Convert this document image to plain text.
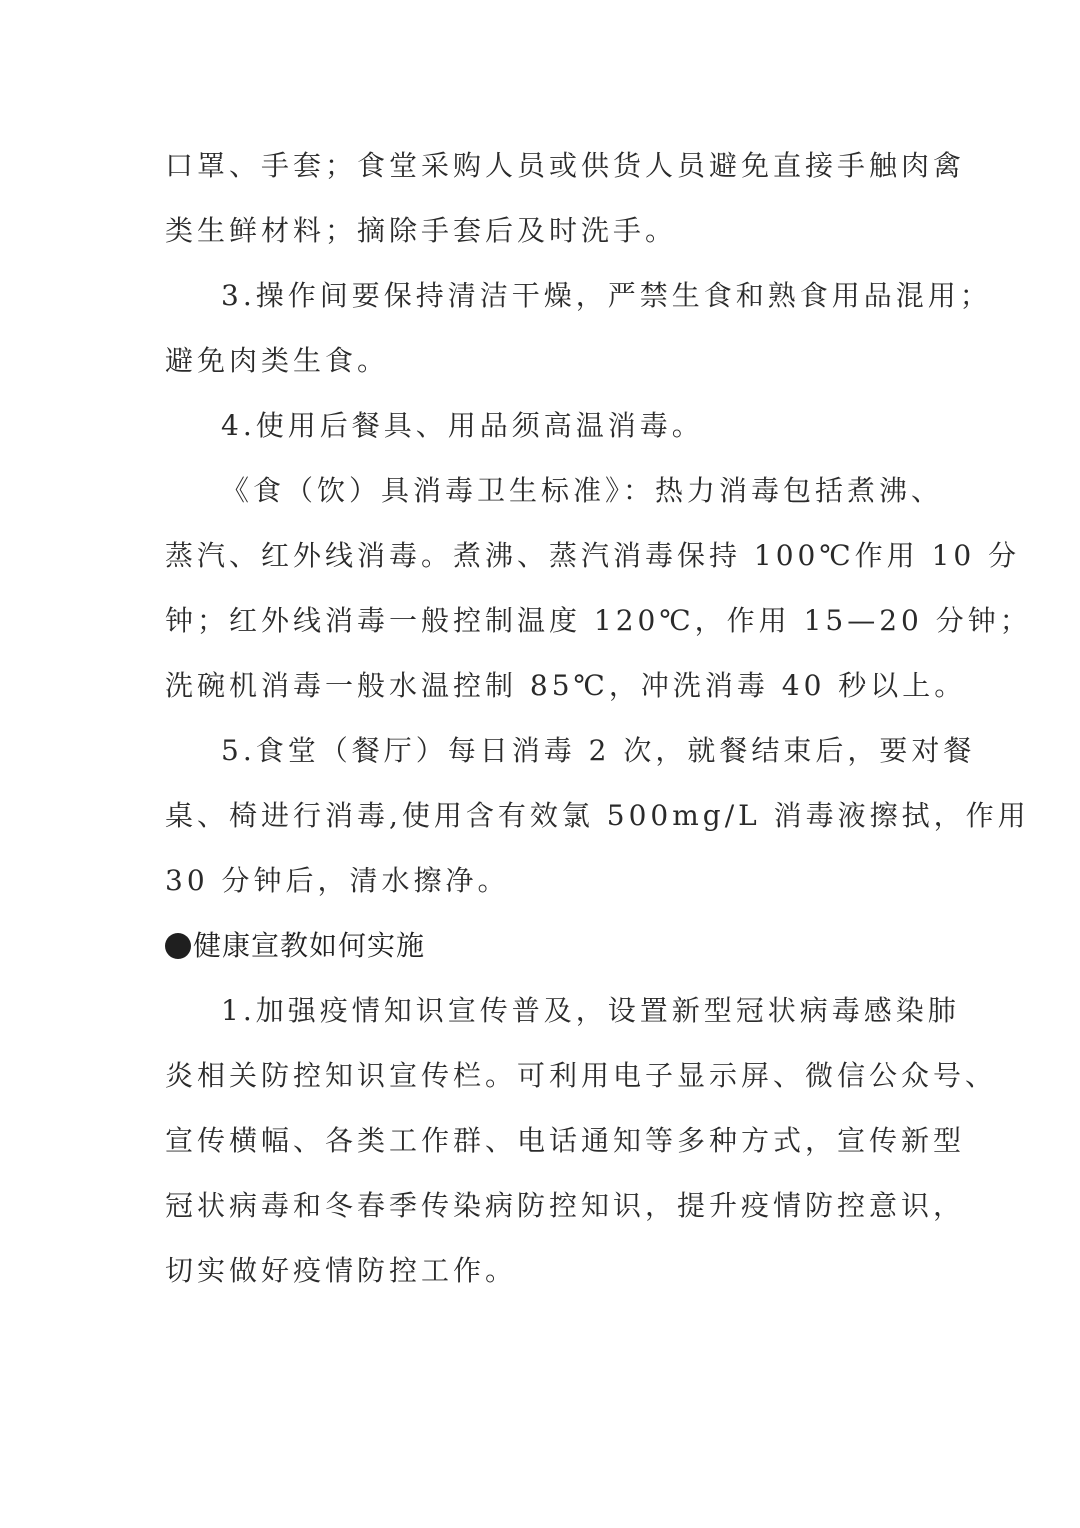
口罩、手套；食堂采购人员或供货人员避免直接手触肉禽
类生鲜材料；摘除手套后及时洗手。
3.操作间要保持清洁干燥，严禁生食和熟食用品混用；
避免肉类生食。
4.使用后餐具、用品须高温消毒。
《食（饮）具消毒卫生标准》：热力消毒包括煮沸、
蒸汽、红外线消毒。煮沸、蒸汽消毒保持 100℃作用 10 分
钟；红外线消毒一般控制温度 120℃，作用 15—20 分钟；
洗碗机消毒一般水温控制 85℃，冲洗消毒 40 秒以上。
5.食堂（餐厅）每日消毒 2 次，就餐结束后，要对餐
桌、椅进行消毒,使用含有效氯 500mg/L 消毒液擦拭，作用
30 分钟后，清水擦净。
健康宣教如何实施
1.加强疫情知识宣传普及，设置新型冠状病毒感染肺
炎相关防控知识宣传栏。可利用电子显示屏、微信公众号、
宣传横幅、各类工作群、电话通知等多种方式，宣传新型
冠状病毒和冬春季传染病防控知识，提升疫情防控意识，
切实做好疫情防控工作。
